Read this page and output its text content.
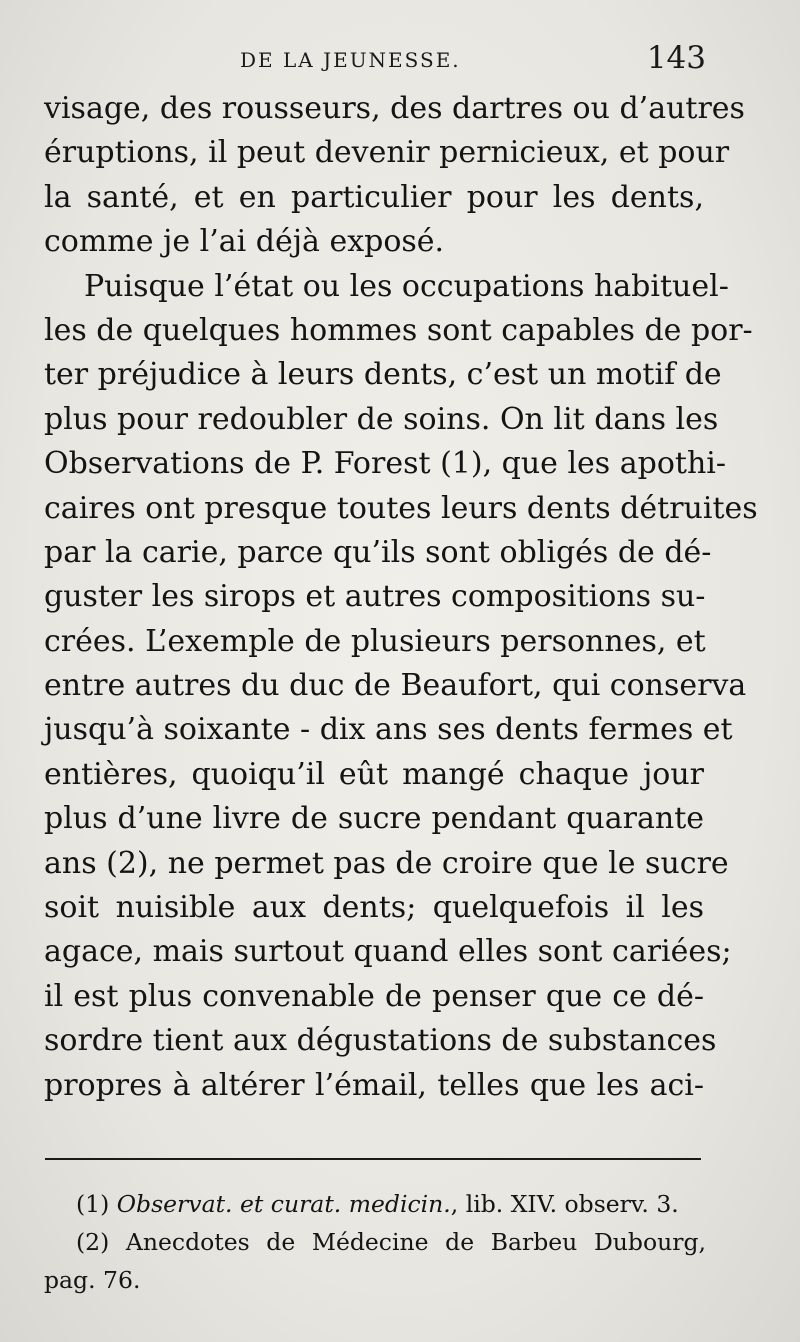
DE LA JEUNESSE.	143
visage, des rousseurs, des dartres ou d’autres
éruptions, il peut devenir pernicieux, et pour
la santé, et en particulier pour les dents,
comme je l’ai déjà exposé.
Puisque l’état ou les occupations habituel-
les de quelques hommes sont capables de por-
ter préjudice à leurs dents, c’est un motif de
plus pour redoubler de soins. On lit dans les
Observations de P. Forest (1), que les apothi-
caires ont presque toutes leurs dents détruites
par la carie, parce qu’ils sont obligés de dé-
guster les sirops et autres compositions su-
crées. L’exemple de plusieurs personnes, et
entre autres du duc de Beaufort, qui conserva
jusqu’à soixante - dix ans ses dents fermes et
entières, quoiqu’il eût mangé chaque jour
plus d’une livre de sucre pendant quarante
ans (2), ne permet pas de croire que le sucre
soit nuisible aux dents; quelquefois il les
agace, mais surtout quand elles sont cariées;
il est plus convenable de penser que ce dé-
sordre tient aux dégustations de substances
propres à altérer l’émail, telles que les aci-
(1) Observat. et curat. medicin., lib. XIV. observ. 3.
(2) Anecdotes de Médecine de Barbeu Dubourg,
pag. 76.
